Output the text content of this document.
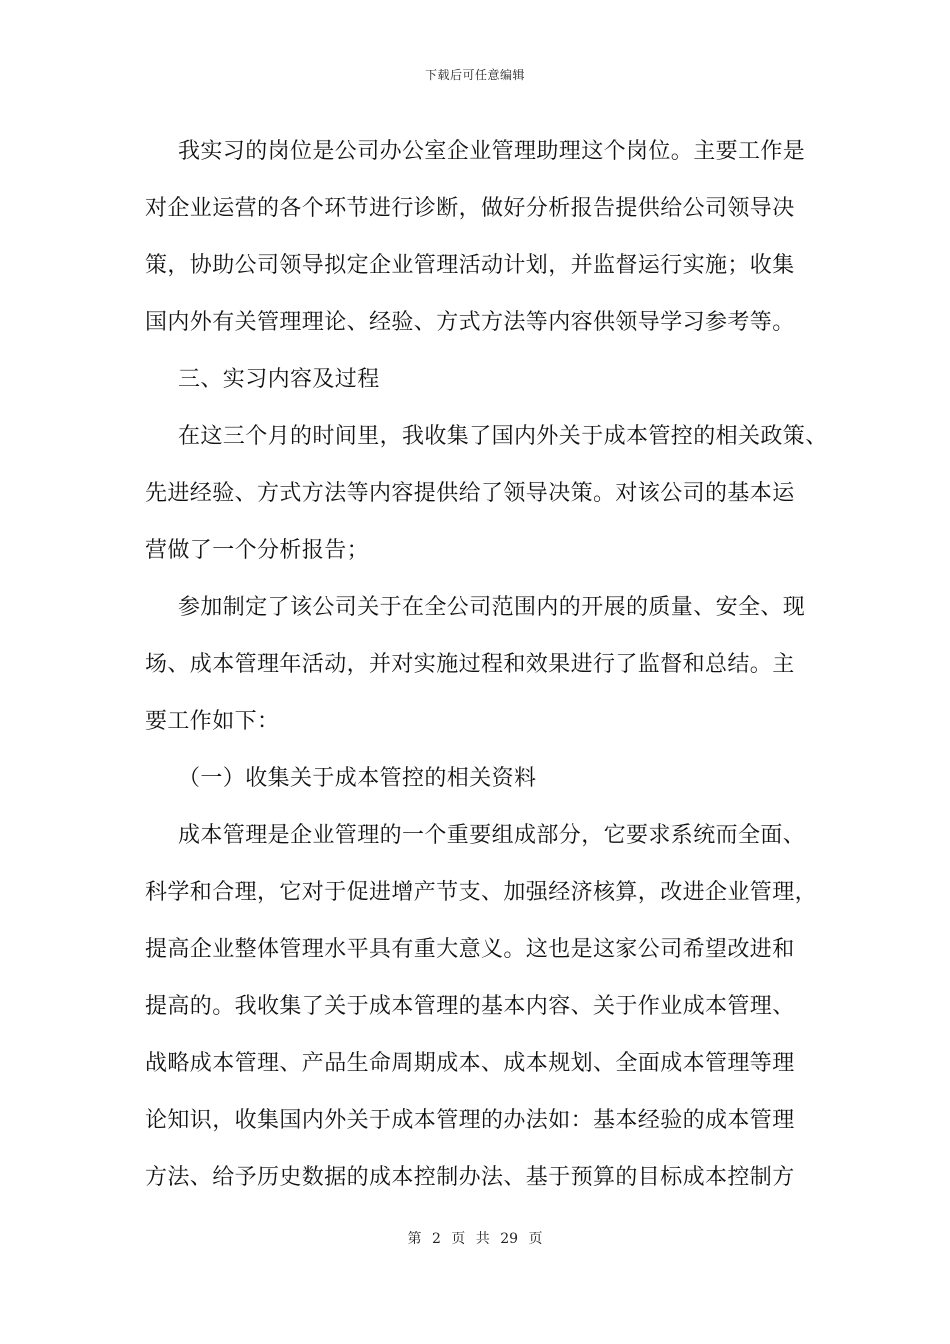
下载后可任意编辑
我实习的岗位是公司办公室企业管理助理这个岗位。主要工作是
对企业运营的各个环节进行诊断，做好分析报告提供给公司领导决
策，协助公司领导拟定企业管理活动计划，并监督运行实施；收集
国内外有关管理理论、经验、方式方法等内容供领导学习参考等。
三、实习内容及过程
在这三个月的时间里，我收集了国内外关于成本管控的相关政策、
先进经验、方式方法等内容提供给了领导决策。对该公司的基本运
营做了一个分析报告；
参加制定了该公司关于在全公司范围内的开展的质量、安全、现
场、成本管理年活动，并对实施过程和效果进行了监督和总结。主
要工作如下：
（一）收集关于成本管控的相关资料
成本管理是企业管理的一个重要组成部分，它要求系统而全面、
科学和合理，它对于促进增产节支、加强经济核算，改进企业管理，
提高企业整体管理水平具有重大意义。这也是这家公司希望改进和
提高的。我收集了关于成本管理的基本内容、关于作业成本管理、
战略成本管理、产品生命周期成本、成本规划、全面成本管理等理
论知识，收集国内外关于成本管理的办法如：基本经验的成本管理
方法、给予历史数据的成本控制办法、基于预算的目标成本控制方
第 2 页 共 29 页
